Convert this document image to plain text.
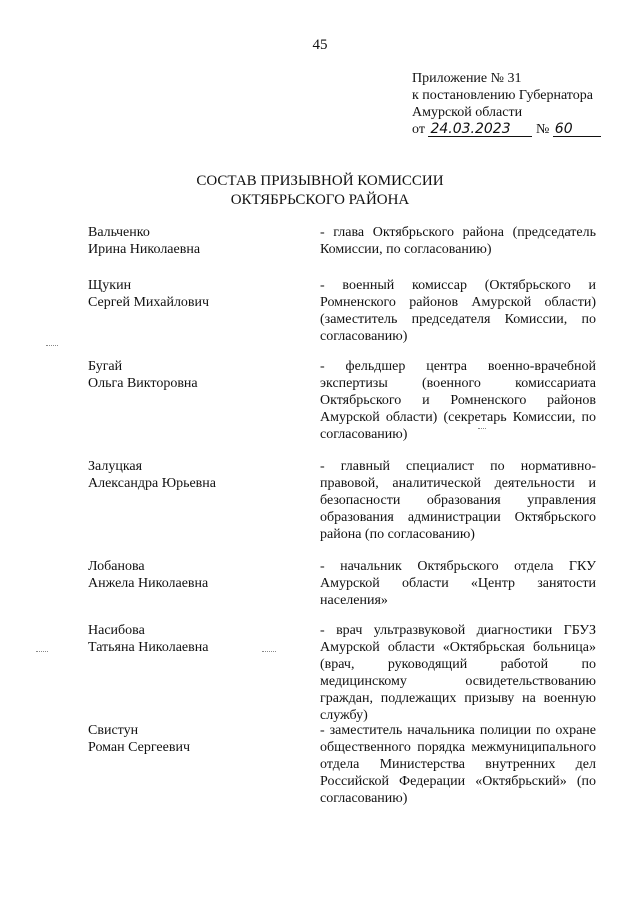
45
Приложение № 31
к постановлению Губернатора
Амурской области
от 24.03.2023 № 60
СОСТАВ ПРИЗЫВНОЙ КОМИССИИ
ОКТЯБРЬСКОГО РАЙОНА
Вальченко
Ирина Николаевна
- глава Октябрьского района (председатель Комиссии, по согласованию)
Щукин
Сергей Михайлович
- военный комиссар (Октябрьского и Ромненского районов Амурской области) (заместитель председателя Комиссии, по согласованию)
Бугай
Ольга Викторовна
- фельдшер центра военно-врачебной экспертизы (военного комиссариата Октябрьского и Ромненского районов Амурской области) (секретарь Комиссии, по согласованию)
Залуцкая
Александра Юрьевна
- главный специалист по нормативно-правовой, аналитической деятельности и безопасности образования управления образования администрации Октябрьского района (по согласованию)
Лобанова
Анжела Николаевна
- начальник Октябрьского отдела ГКУ Амурской области «Центр занятости населения»
Насибова
Татьяна Николаевна
- врач ультразвуковой диагностики ГБУЗ Амурской области «Октябрьская больница» (врач, руководящий работой по медицинскому освидетельствованию граждан, подлежащих призыву на военную службу)
Свистун
Роман Сергеевич
- заместитель начальника полиции по охране общественного порядка межмуниципального отдела Министерства внутренних дел Российской Федерации «Октябрьский» (по согласованию)
